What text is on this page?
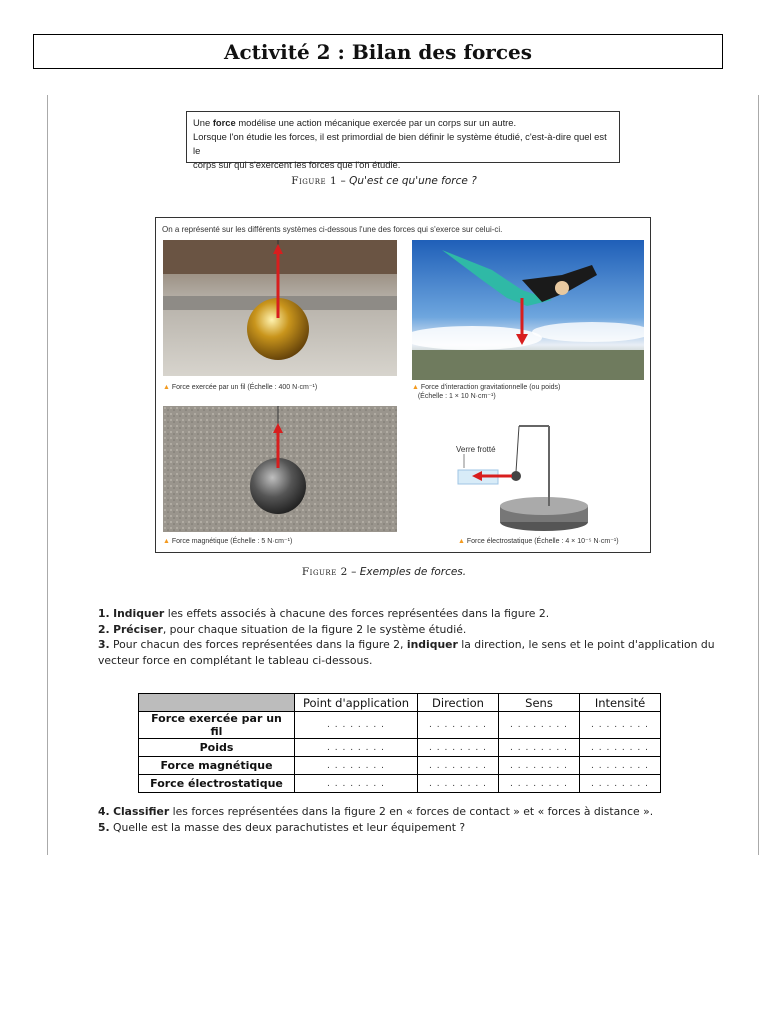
Activité 2 : Bilan des forces
Une force modélise une action mécanique exercée par un corps sur un autre.
Lorsque l'on étudie les forces, il est primordial de bien définir le système étudié, c'est-à-dire quel est le
corps sur qui s'exercent les forces que l'on étudie.
Figure 1 – Qu'est ce qu'une force ?
On a représenté sur les différents systèmes ci-dessous l'une des forces qui s'exerce sur celui-ci.
▲ Force exercée par un fil (Échelle : 400 N·cm⁻¹)	▲ Force d'interaction gravitationnelle (ou poids)
(Échelle : 1 × 10 N·cm⁻¹)
▲ Force magnétique (Échelle : 5 N·cm⁻¹)
Verre frotté
▲ Force électrostatique (Échelle : 4 × 10⁻⁵ N·cm⁻¹)
Figure 2 – Exemples de forces.
1. Indiquer les effets associés à chacune des forces représentées dans la figure 2.
2. Préciser, pour chaque situation de la figure 2 le système étudié.
3. Pour chacun des forces représentées dans la figure 2, indiquer la direction, le sens et le point d'application du vecteur force en complétant le tableau ci-dessous.
	Point d'application	Direction	Sens	Intensité
Force exercée par un fil	. . . . . . . .	. . . . . . . .	. . . . . . . .	. . . . . . . .
Poids	. . . . . . . .	. . . . . . . .	. . . . . . . .	. . . . . . . .
Force magnétique	. . . . . . . .	. . . . . . . .	. . . . . . . .	. . . . . . . .
Force électrostatique	. . . . . . . .	. . . . . . . .	. . . . . . . .	. . . . . . . .
4. Classifier les forces représentées dans la figure 2 en « forces de contact » et « forces à distance ».
5. Quelle est la masse des deux parachutistes et leur équipement ?
